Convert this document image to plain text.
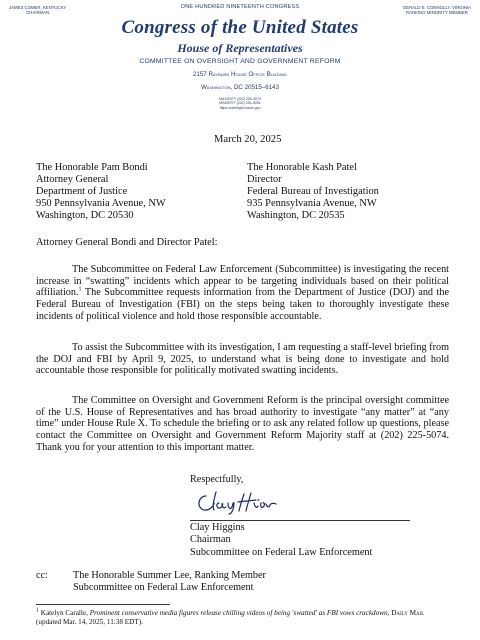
JAMES COMER, KENTUCKY
CHAIRMAN
GERALD E. CONNOLLY, VIRGINIA
RANKING MINORITY MEMBER
ONE HUNDRED NINETEENTH CONGRESS
Congress of the United States
House of Representatives
COMMITTEE ON OVERSIGHT AND GOVERNMENT REFORM
2157 Rayburn House Office Building
Washington, DC 20515–6143
MAJORITY (202) 225–5074
MINORITY (202) 225–5051
https://oversight.house.gov
March 20, 2025
The Honorable Pam Bondi
Attorney General
Department of Justice
950 Pennsylvania Avenue, NW
Washington, DC 20530
The Honorable Kash Patel
Director
Federal Bureau of Investigation
935 Pennsylvania Avenue, NW
Washington, DC 20535
Attorney General Bondi and Director Patel:
The Subcommittee on Federal Law Enforcement (Subcommittee) is investigating the recent increase in “swatting” incidents which appear to be targeting individuals based on their political affiliation.$^1$ The Subcommittee requests information from the Department of Justice (DOJ) and the Federal Bureau of Investigation (FBI) on the steps being taken to thoroughly investigate these incidents of political violence and hold those responsible accountable.
To assist the Subcommittee with its investigation, I am requesting a staff-level briefing from the DOJ and FBI by April 9, 2025, to understand what is being done to investigate and hold accountable those responsible for politically motivated swatting incidents.
The Committee on Oversight and Government Reform is the principal oversight committee of the U.S. House of Representatives and has broad authority to investigate “any matter” at “any time” under House Rule X. To schedule the briefing or to ask any related follow up questions, please contact the Committee on Oversight and Government Reform Majority staff at (202) 225-5074. Thank you for your attention to this important matter.
Respectfully,
Clay Higgins
Chairman
Subcommittee on Federal Law Enforcement
cc: The Honorable Summer Lee, Ranking Member
Subcommittee on Federal Law Enforcement
$^1$ Katelyn Caralle, Prominent conservative media figures release chilling videos of being 'swatted' as FBI vows crackdown, Daily Mail (updated Mar. 14, 2025, 11:38 EDT).
